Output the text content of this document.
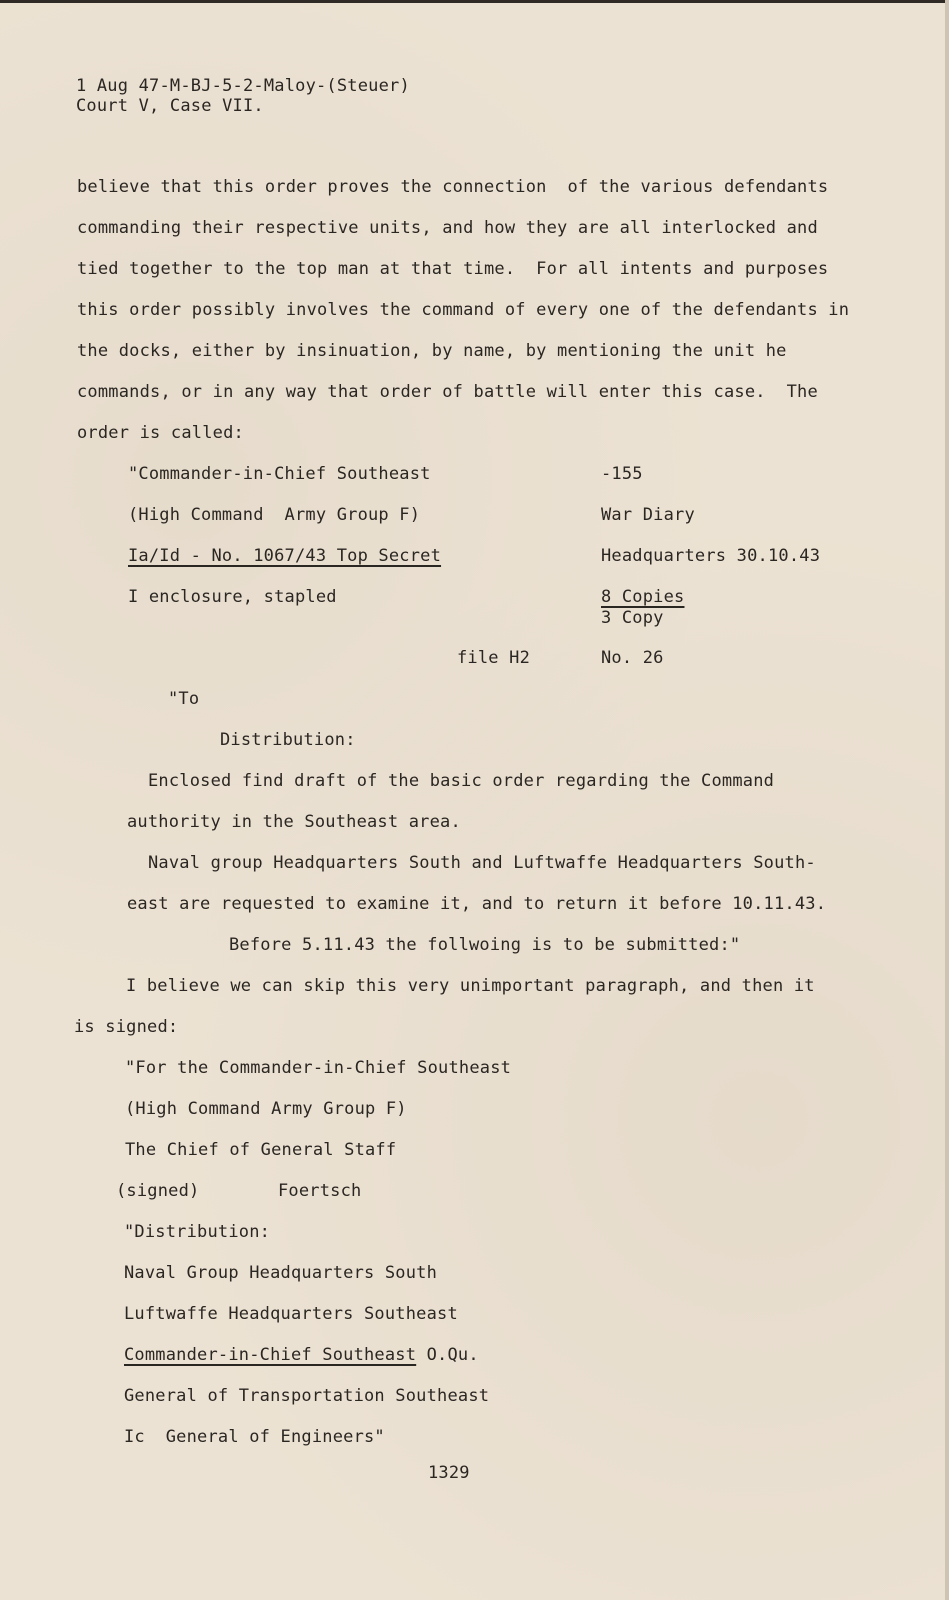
1 Aug 47-M-BJ-5-2-Maloy-(Steuer)
Court V, Case VII.
believe that this order proves the connection  of the various defendants
commanding their respective units, and how they are all interlocked and
tied together to the top man at that time.  For all intents and purposes
this order possibly involves the command of every one of the defendants in
the docks, either by insinuation, by name, by mentioning the unit he
commands, or in any way that order of battle will enter this case.  The
order is called:
"Commander-in-Chief Southeast	-155
(High Command  Army Group F)	War Diary
Ia/Id - No. 1067/43 Top Secret	Headquarters 30.10.43
I enclosure, stapled	8 Copies
3 Copy
file H2	No. 26
"To
Distribution:
Enclosed find draft of the basic order regarding the Command
authority in the Southeast area.
Naval group Headquarters South and Luftwaffe Headquarters South-
east are requested to examine it, and to return it before 10.11.43.
Before 5.11.43 the follwoing is to be submitted:"
I believe we can skip this very unimportant paragraph, and then it
is signed:
"For the Commander-in-Chief Southeast
(High Command Army Group F)
The Chief of General Staff
(signed)	Foertsch
"Distribution:
Naval Group Headquarters South
Luftwaffe Headquarters Southeast
Commander-in-Chief Southeast O.Qu.
General of Transportation Southeast
Ic  General of Engineers"
1329
